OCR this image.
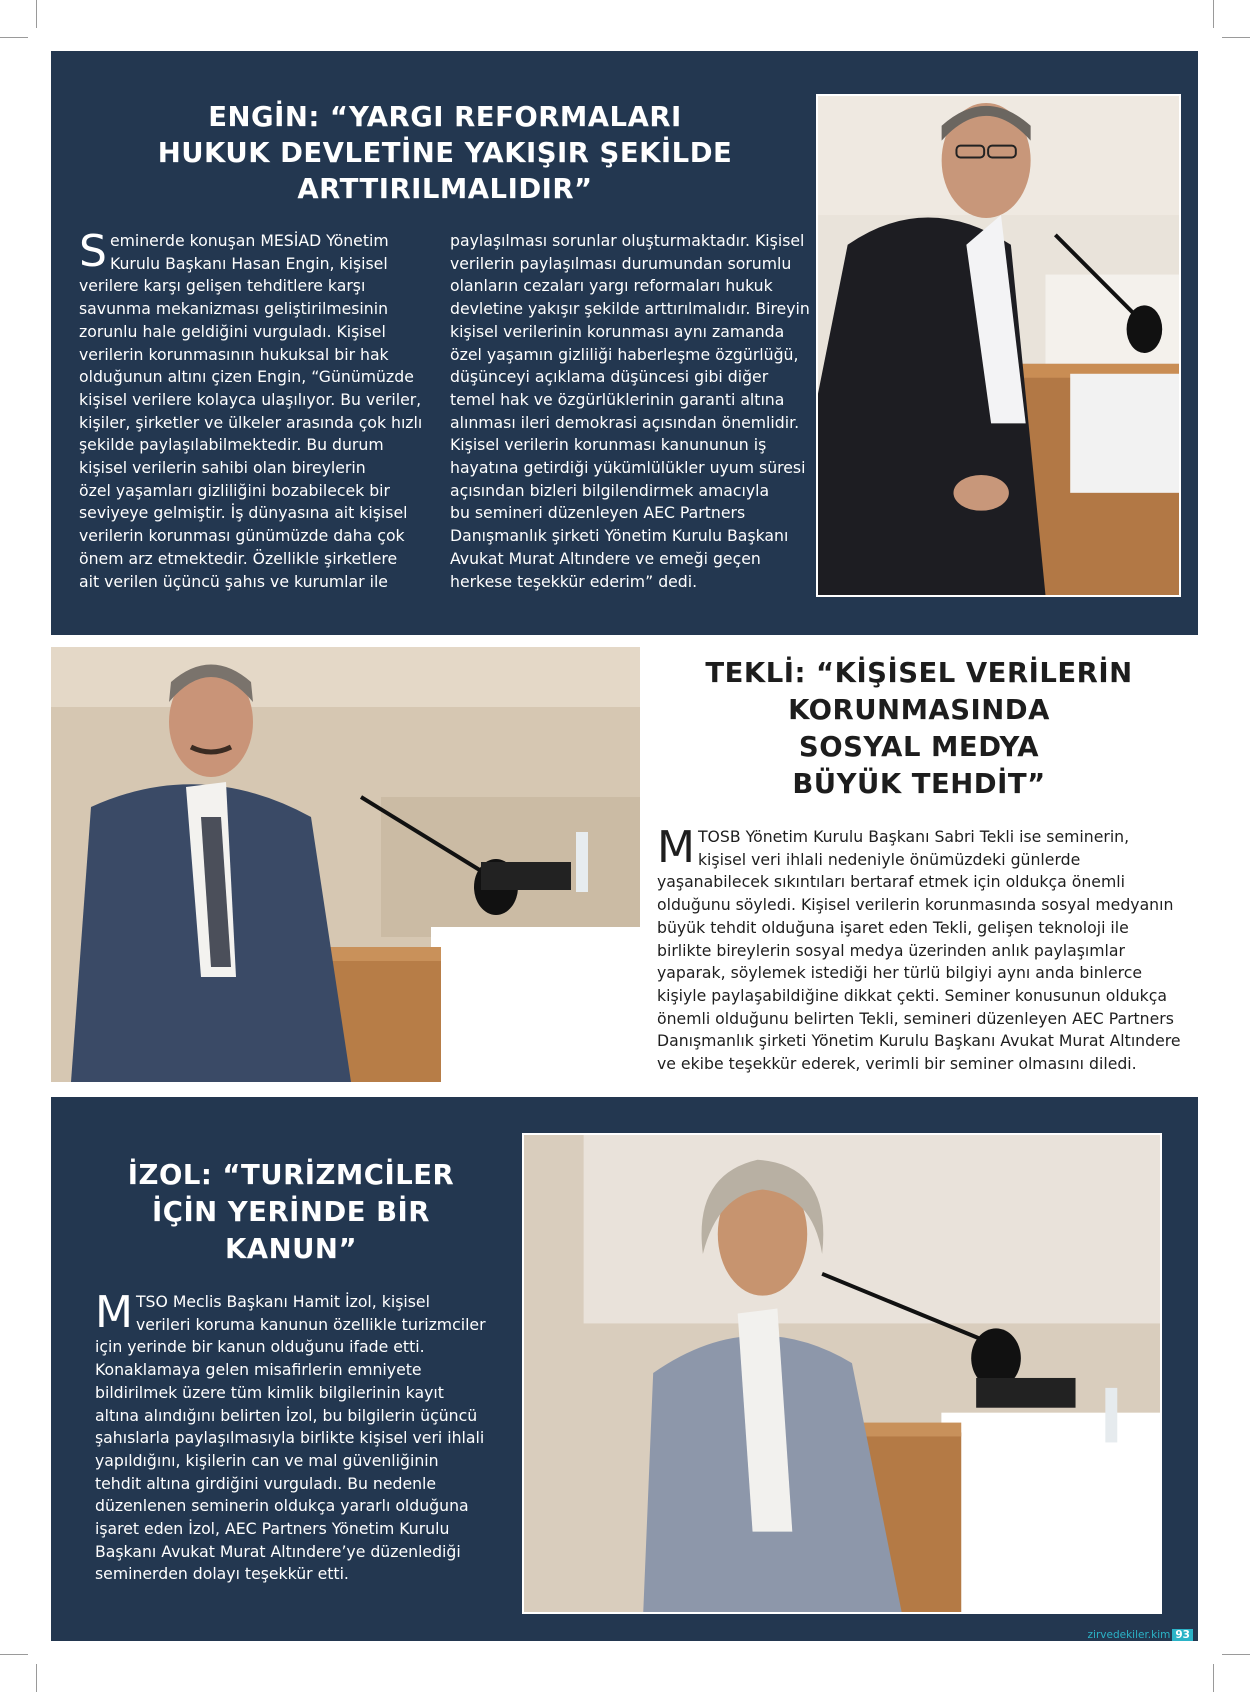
ENGİN: “YARGI REFORMALARI
HUKUK DEVLETİNE YAKIŞIR ŞEKİLDE
ARTTIRILMALIDIR”
S eminerde konuşan MESİAD Yönetim
Kurulu Başkanı Hasan Engin, kişisel
verilere karşı gelişen tehditlere karşı
savunma mekanizması geliştirilmesinin
zorunlu hale geldiğini vurguladı. Kişisel
verilerin korunmasının hukuksal bir hak
olduğunun altını çizen Engin, “Günümüzde
kişisel verilere kolayca ulaşılıyor. Bu veriler,
kişiler, şirketler ve ülkeler arasında çok hızlı
şekilde paylaşılabilmektedir. Bu durum
kişisel verilerin sahibi olan bireylerin
özel yaşamları gizliliğini bozabilecek bir
seviyeye gelmiştir. İş dünyasına ait kişisel
verilerin korunması günümüzde daha çok
önem arz etmektedir. Özellikle şirketlere
ait verilen üçüncü şahıs ve kurumlar ile
paylaşılması sorunlar oluşturmaktadır. Kişisel
verilerin paylaşılması durumundan sorumlu
olanların cezaları yargı reformaları hukuk
devletine yakışır şekilde arttırılmalıdır. Bireyin
kişisel verilerinin korunması aynı zamanda
özel yaşamın gizliliği haberleşme özgürlüğü,
düşünceyi açıklama düşüncesi gibi diğer
temel hak ve özgürlüklerinin garanti altına
alınması ileri demokrasi açısından önemlidir.
Kişisel verilerin korunması kanununun iş
hayatına getirdiği yükümlülükler uyum süresi
açısından bizleri bilgilendirmek amacıyla
bu semineri düzenleyen AEC Partners
Danışmanlık şirketi Yönetim Kurulu Başkanı
Avukat Murat Altındere ve emeği geçen
herkese teşekkür ederim” dedi.
TEKLİ: “KİŞİSEL VERİLERİN
KORUNMASINDA
SOSYAL MEDYA
BÜYÜK TEHDİT”
M TOSB Yönetim Kurulu Başkanı Sabri Tekli ise seminerin,
kişisel veri ihlali nedeniyle önümüzdeki günlerde
yaşanabilecek sıkıntıları bertaraf etmek için oldukça önemli
olduğunu söyledi. Kişisel verilerin korunmasında sosyal medyanın
büyük tehdit olduğuna işaret eden Tekli, gelişen teknoloji ile
birlikte bireylerin sosyal medya üzerinden anlık paylaşımlar
yaparak, söylemek istediği her türlü bilgiyi aynı anda binlerce
kişiyle paylaşabildiğine dikkat çekti. Seminer konusunun oldukça
önemli olduğunu belirten Tekli, semineri düzenleyen AEC Partners
Danışmanlık şirketi Yönetim Kurulu Başkanı Avukat Murat Altındere
ve ekibe teşekkür ederek, verimli bir seminer olmasını diledi.
İZOL: “TURİZMCİLER
İÇİN YERİNDE BİR
KANUN”
M TSO Meclis Başkanı Hamit İzol, kişisel
verileri koruma kanunun özellikle turizmciler
için yerinde bir kanun olduğunu ifade etti.
Konaklamaya gelen misafirlerin emniyete
bildirilmek üzere tüm kimlik bilgilerinin kayıt
altına alındığını belirten İzol, bu bilgilerin üçüncü
şahıslarla paylaşılmasıyla birlikte kişisel veri ihlali
yapıldığını, kişilerin can ve mal güvenliğinin
tehdit altına girdiğini vurguladı. Bu nedenle
düzenlenen seminerin oldukça yararlı olduğuna
işaret eden İzol, AEC Partners Yönetim Kurulu
Başkanı Avukat Murat Altındere’ye düzenlediği
seminerden dolayı teşekkür etti.
zirvedekiler.kim 93
